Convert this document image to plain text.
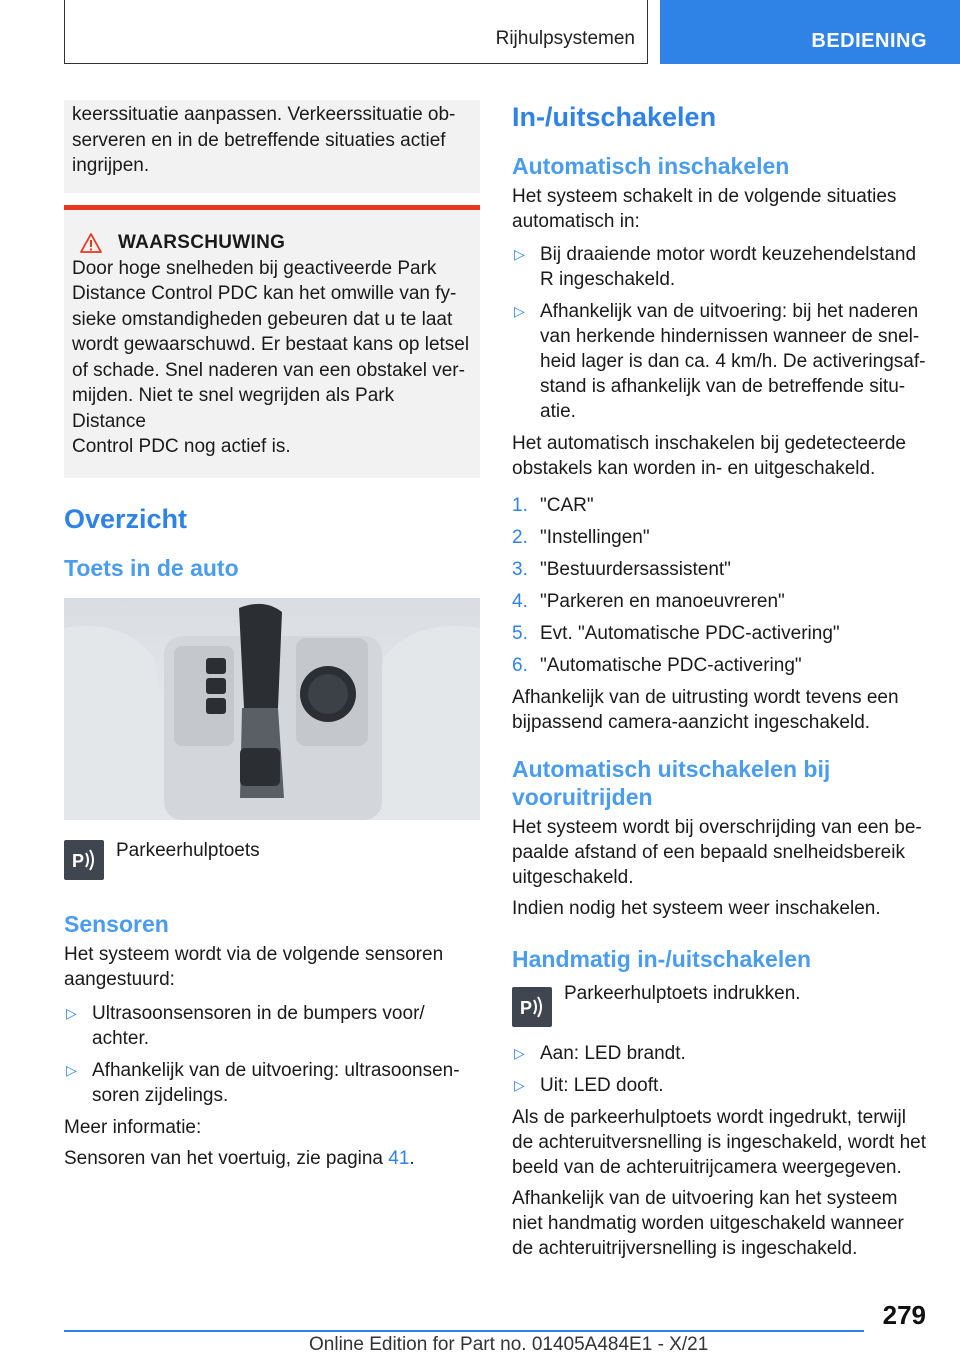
Rijhulpsystemen	BEDIENING

keerssituatie aanpassen. Verkeerssituatie ob-
serveren en in de betreffende situaties actief
ingrijpen.

WAARSCHUWING

Door hoge snelheden bij geactiveerde Park
Distance Control PDC kan het omwille van fy-
sieke omstandigheden gebeuren dat u te laat
wordt gewaarschuwd. Er bestaat kans op letsel
of schade. Snel naderen van een obstakel ver-
mijden. Niet te snel wegrijden als Park Distance
Control PDC nog actief is.

Overzicht
Toets in de auto
P Parkeerhulptoets

Sensoren

Het systeem wordt via de volgende sensoren
aangestuurd:

▷ Ultrasoonsensoren in de bumpers voor/
achter.
▷ Afhankelijk van de uitvoering: ultrasoonsen-
soren zijdelings.

Meer informatie:

Sensoren van het voertuig, zie pagina 41.

In-/uitschakelen
Automatisch inschakelen

Het systeem schakelt in de volgende situaties
automatisch in:

▷ Bij draaiende motor wordt keuzehendelstand
R ingeschakeld.
▷ Afhankelijk van de uitvoering: bij het naderen
van herkende hindernissen wanneer de snel-
heid lager is dan ca. 4 km/h. De activeringsaf-
stand is afhankelijk van de betreffende situ-
atie.

Het automatisch inschakelen bij gedetecteerde
obstakels kan worden in- en uitgeschakeld.

1. "CAR"
2. "Instellingen"
3. "Bestuurdersassistent"
4. "Parkeren en manoeuvreren"
5. Evt. "Automatische PDC-activering"
6. "Automatische PDC-activering"

Afhankelijk van de uitrusting wordt tevens een
bijpassend camera-aanzicht ingeschakeld.

Automatisch uitschakelen bij
vooruitrijden

Het systeem wordt bij overschrijding van een be-
paalde afstand of een bepaald snelheidsbereik
uitgeschakeld.

Indien nodig het systeem weer inschakelen.

Handmatig in-/uitschakelen
P

Parkeerhulptoets indrukken.

▷ Aan: LED brandt.
▷ Uit: LED dooft.

Als de parkeerhulptoets wordt ingedrukt, terwijl
de achteruitversnelling is ingeschakeld, wordt het
beeld van de achteruitrijcamera weergegeven.

Afhankelijk van de uitvoering kan het systeem
niet handmatig worden uitgeschakeld wanneer
de achteruitrijversnelling is ingeschakeld.

279
Online Edition for Part no. 01405A484E1 - X/21
